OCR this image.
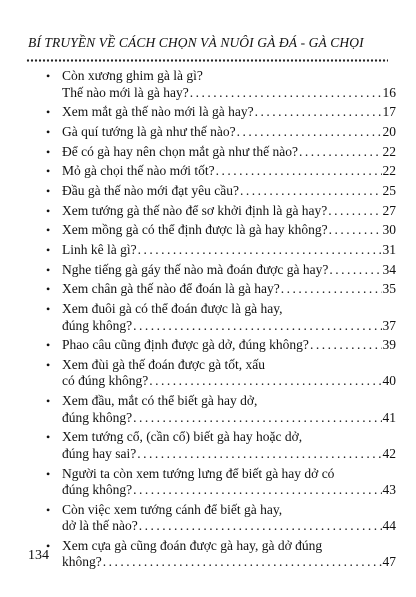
BÍ TRUYỀN VỀ CÁCH CHỌN VÀ NUÔI GÀ ĐÁ - GÀ CHỌI
• Còn xương ghim gà là gì?
Thế nào mới là gà hay? .....	16
• Xem mắt gà thế nào mới là gà hay? .....	17
• Gà quí tướng là gà như thế nào? .....	20
• Để có gà hay nên chọn mắt gà như thế nào? .....	22
• Mỏ gà chọi thế nào mới tốt? .....	22
• Đầu gà thế nào mới đạt yêu cầu? .....	25
• Xem tướng gà thế nào để sơ khởi định là gà hay? .....	27
• Xem mồng gà có thể định được là gà hay không? .....	30
• Linh kê là gì? .....	31
• Nghe tiếng gà gáy thế nào mà đoán được gà hay? .....	34
• Xem chân gà thế nào để đoán là gà hay? .....	35
• Xem đuôi gà có thể đoán được là gà hay,
đúng không? .....	37
• Phao câu cũng định được gà dở, đúng không? .....	39
• Xem đùi gà thế đoán được gà tốt, xấu
có đúng không? .....	40
• Xem đầu, mắt có thể biết gà hay dở,
đúng không? .....	41
• Xem tướng cổ, (cần cổ) biết gà hay hoặc dở,
đúng hay sai? .....	42
• Người ta còn xem tướng lưng để biết gà hay dở có
đúng không? .....	43
• Còn việc xem tướng cánh để biết gà hay,
dở là thế nào? .....	44
• Xem cựa gà cũng đoán được gà hay, gà dở đúng
không? .....	47
134
